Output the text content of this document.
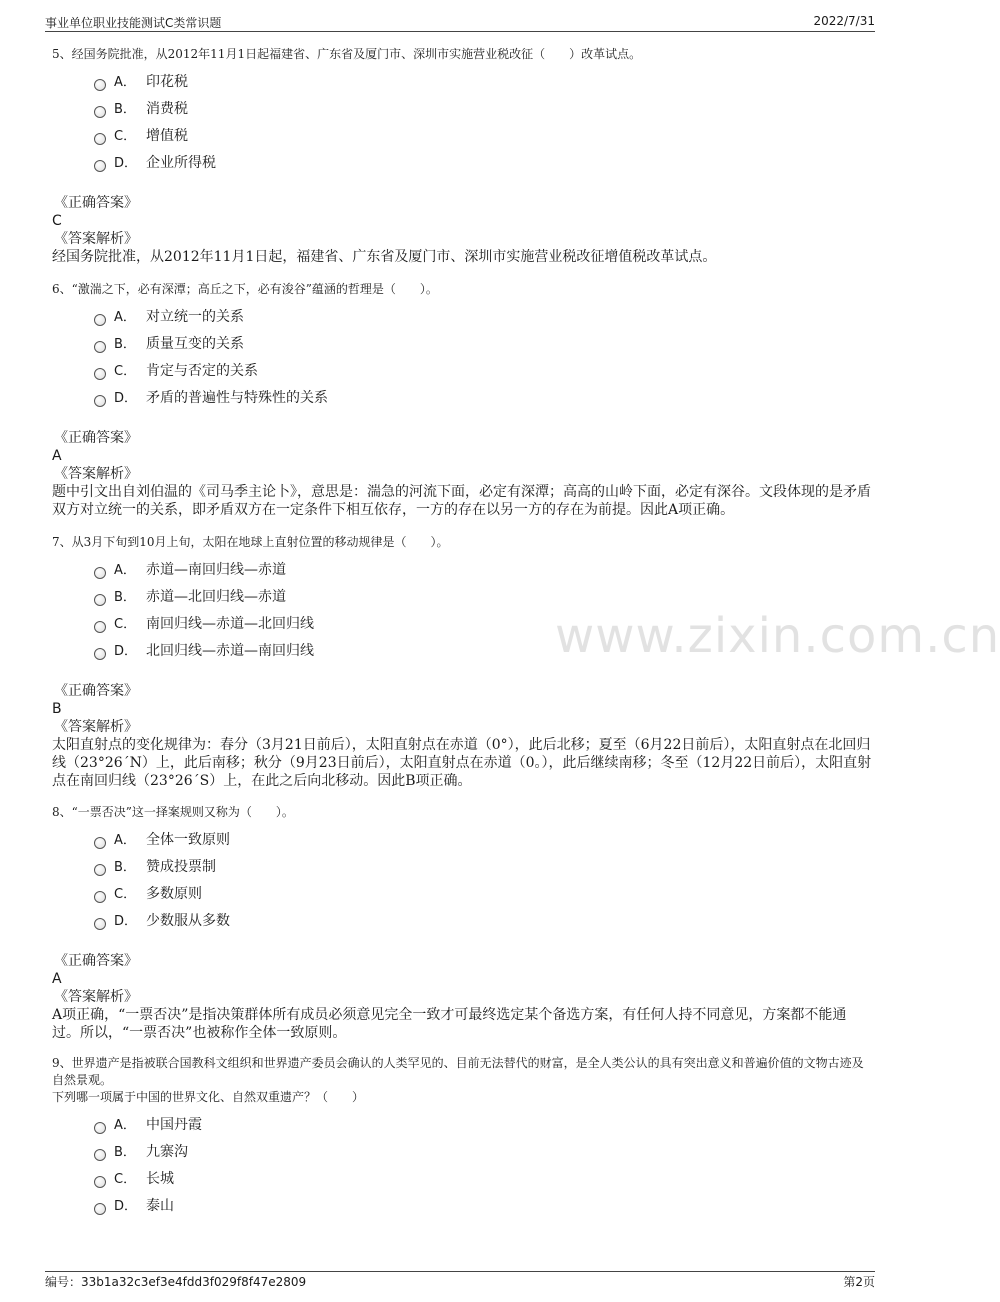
事业单位职业技能测试C类常识题	2022/7/31
www.zixin.com.cn
5、经国务院批准，从2012年11月1日起福建省、广东省及厦门市、深圳市实施营业税改征（　　）改革试点。
A． 印花税
B． 消费税
C． 增值税
D． 企业所得税
《正确答案》
C
《答案解析》
经国务院批准，从2012年11月1日起，福建省、广东省及厦门市、深圳市实施营业税改征增值税改革试点。
6、“激湍之下，必有深潭；高丘之下，必有浚谷”蕴涵的哲理是（　　）。
A． 对立统一的关系
B． 质量互变的关系
C． 肯定与否定的关系
D． 矛盾的普遍性与特殊性的关系
《正确答案》
A
《答案解析》
题中引文出自刘伯温的《司马季主论卜》，意思是：湍急的河流下面，必定有深潭；高高的山岭下面，必定有深谷。文段体现的是矛盾双方对立统一的关系，即矛盾双方在一定条件下相互依存，一方的存在以另一方的存在为前提。因此A项正确。
7、从3月下旬到10月上旬，太阳在地球上直射位置的移动规律是（　　）。
A． 赤道—南回归线—赤道
B． 赤道—北回归线—赤道
C． 南回归线—赤道—北回归线
D． 北回归线—赤道—南回归线
《正确答案》
B
《答案解析》
太阳直射点的变化规律为：春分（3月21日前后），太阳直射点在赤道（0°），此后北移；夏至（6月22日前后），太阳直射点在北回归线（23°26´N）上，此后南移；秋分（9月23日前后），太阳直射点在赤道（0。），此后继续南移；冬至（12月22日前后），太阳直射点在南回归线（23°26´S）上，在此之后向北移动。因此B项正确。
8、“一票否决”这一择案规则又称为（　　）。
A． 全体一致原则
B． 赞成投票制
C． 多数原则
D． 少数服从多数
《正确答案》
A
《答案解析》
A项正确，“一票否决”是指决策群体所有成员必须意见完全一致才可最终选定某个备选方案，有任何人持不同意见，方案都不能通过。所以，“一票否决”也被称作全体一致原则。
9、世界遗产是指被联合国教科文组织和世界遗产委员会确认的人类罕见的、目前无法替代的财富，是全人类公认的具有突出意义和普遍价值的文物古迹及自然景观。
下列哪一项属于中国的世界文化、自然双重遗产？（　　）
A． 中国丹霞
B． 九寨沟
C． 长城
D． 泰山
编号：33b1a32c3ef3e4fdd3f029f8f47e2809	第2页
